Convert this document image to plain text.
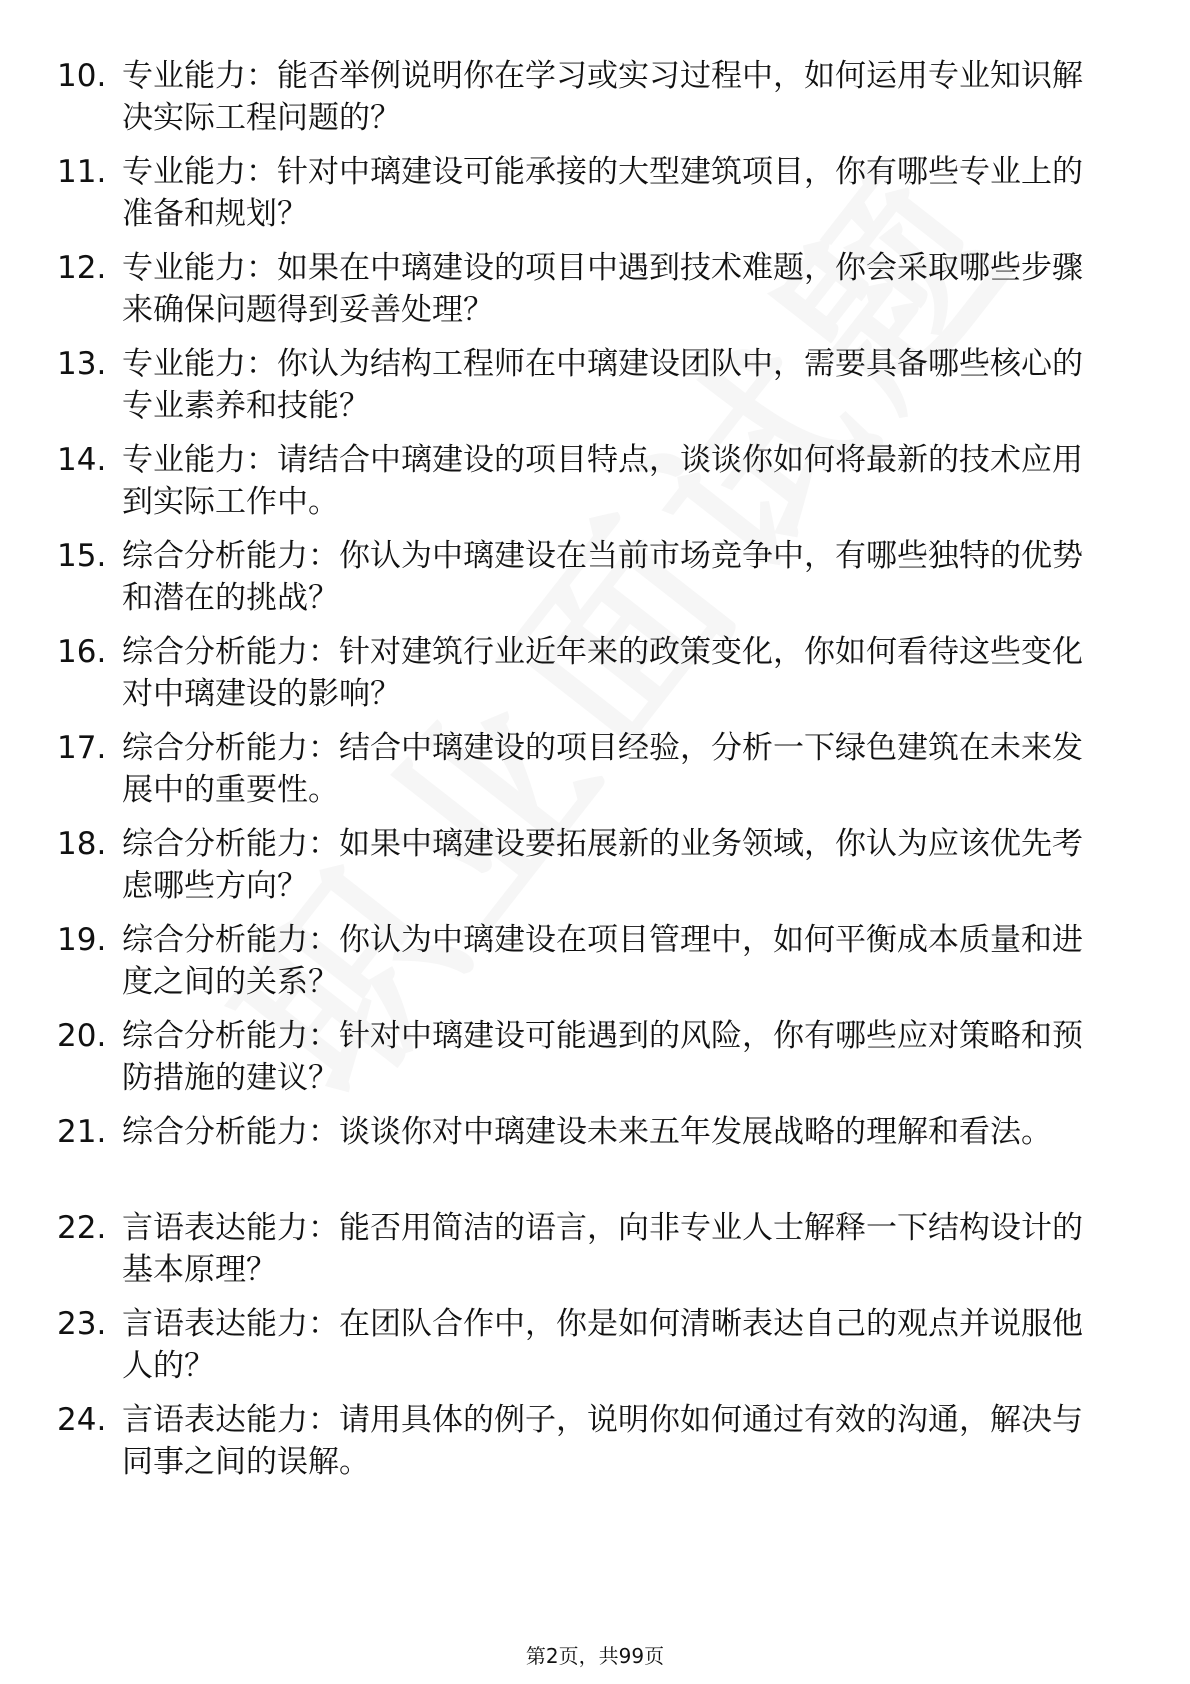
10. 专业能力：能否举例说明你在学习或实习过程中，如何运用专业知识解决实际工程问题的？
11. 专业能力：针对中璃建设可能承接的大型建筑项目，你有哪些专业上的准备和规划？
12. 专业能力：如果在中璃建设的项目中遇到技术难题，你会采取哪些步骤来确保问题得到妥善处理？
13. 专业能力：你认为结构工程师在中璃建设团队中，需要具备哪些核心的专业素养和技能？
14. 专业能力：请结合中璃建设的项目特点，谈谈你如何将最新的技术应用到实际工作中。
15. 综合分析能力：你认为中璃建设在当前市场竞争中，有哪些独特的优势和潜在的挑战？
16. 综合分析能力：针对建筑行业近年来的政策变化，你如何看待这些变化对中璃建设的影响？
17. 综合分析能力：结合中璃建设的项目经验，分析一下绿色建筑在未来发展中的重要性。
18. 综合分析能力：如果中璃建设要拓展新的业务领域，你认为应该优先考虑哪些方向？
19. 综合分析能力：你认为中璃建设在项目管理中，如何平衡成本质量和进度之间的关系？
20. 综合分析能力：针对中璃建设可能遇到的风险，你有哪些应对策略和预防措施的建议？
21. 综合分析能力：谈谈你对中璃建设未来五年发展战略的理解和看法。
22. 言语表达能力：能否用简洁的语言，向非专业人士解释一下结构设计的基本原理？
23. 言语表达能力：在团队合作中，你是如何清晰表达自己的观点并说服他人的？
24. 言语表达能力：请用具体的例子，说明你如何通过有效的沟通，解决与同事之间的误解。
第2页，共99页
